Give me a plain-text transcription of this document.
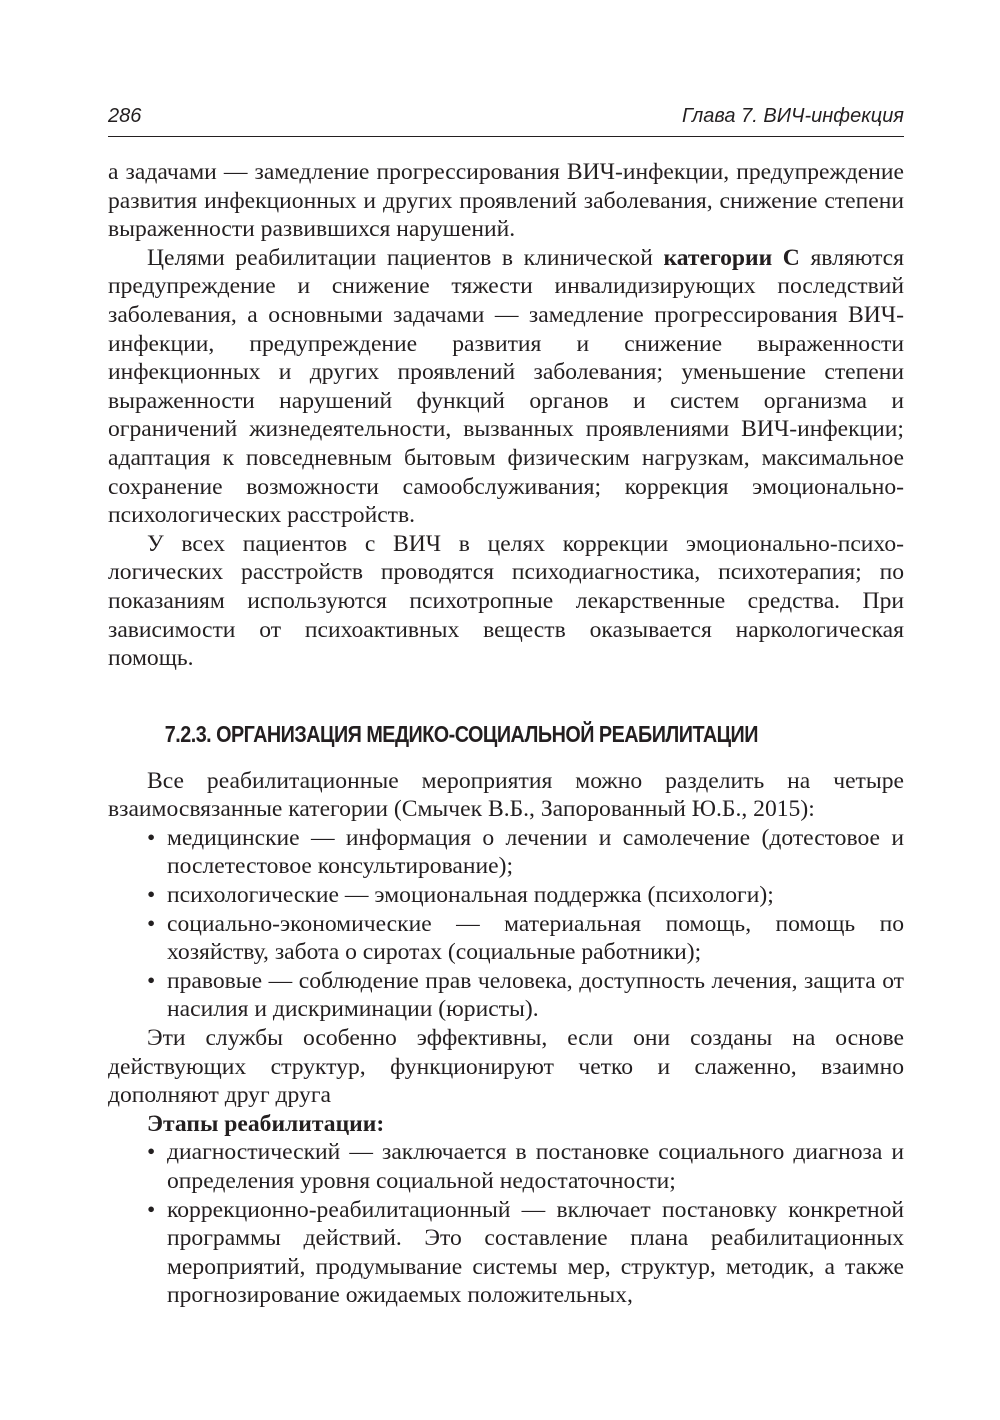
286	Глава 7. ВИЧ-инфекция

а задачами — замедление прогрессирования ВИЧ-инфекции, предупреждение развития инфекционных и других проявлений заболевания, снижение степени выраженности развившихся нарушений.

Целями реабилитации пациентов в клинической категории С являются предупреждение и снижение тяжести инвалидизирующих последствий заболевания, а основными задачами — замедление прогрессирования ВИЧ-инфекции, предупреждение развития и снижение выраженности инфекционных и других проявлений заболевания; уменьшение степени выраженности нарушений функций органов и систем организма и ограничений жизнедеятельности, вызванных проявлениями ВИЧ-инфекции; адаптация к повседневным бытовым физическим нагрузкам, максимальное сохранение возможности самообслуживания; коррекция эмоционально-психологических расстройств.

У всех пациентов с ВИЧ в целях коррекции эмоционально-психологических расстройств проводятся психодиагностика, психотерапия; по показаниям используются психотропные лекарственные средства. При зависимости от психоактивных веществ оказывается наркологическая помощь.

7.2.3. ОРГАНИЗАЦИЯ МЕДИКО-СОЦИАЛЬНОЙ РЕАБИЛИТАЦИИ

Все реабилитационные мероприятия можно разделить на четыре взаимосвязанные категории (Смычек В.Б., Запорованный Ю.Б., 2015):

• медицинские — информация о лечении и самолечение (дотестовое и послетестовое консультирование);
• психологические — эмоциональная поддержка (психологи);
• социально-экономические — материальная помощь, помощь по хозяйству, забота о сиротах (социальные работники);
• правовые — соблюдение прав человека, доступность лечения, защита от насилия и дискриминации (юристы).

Эти службы особенно эффективны, если они созданы на основе действующих структур, функционируют четко и слаженно, взаимно дополняют друг друга

Этапы реабилитации:

• диагностический — заключается в постановке социального диагноза и определения уровня социальной недостаточности;
• коррекционно-реабилитационный — включает постановку конкретной программы действий. Это составление плана реабилитационных мероприятий, продумывание системы мер, структур, методик, а также прогнозирование ожидаемых положительных,
